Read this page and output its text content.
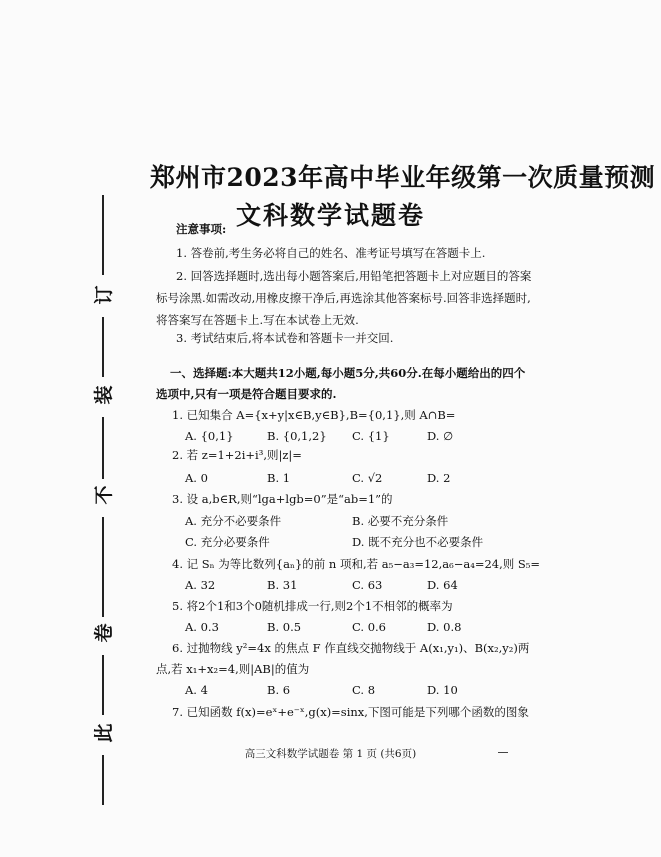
订
装
不
卷
此
郑州市2023年高中毕业年级第一次质量预测
文科数学试题卷
注意事项:
1. 答卷前,考生务必将自己的姓名、准考证号填写在答题卡上.
2. 回答选择题时,选出每小题答案后,用铅笔把答题卡上对应题目的答案
标号涂黑.如需改动,用橡皮擦干净后,再选涂其他答案标号.回答非选择题时,
将答案写在答题卡上.写在本试卷上无效.
3. 考试结束后,将本试卷和答题卡一并交回.
一、选择题:本大题共12小题,每小题5分,共60分.在每小题给出的四个
选项中,只有一项是符合题目要求的.
1. 已知集合 A={x+y|x∈B,y∈B},B={0,1},则 A∩B=
A. {0,1}	B. {0,1,2} C. {1}	D. ∅
2. 若 z=1+2i+i³,则|z|=
A. 0	B. 1	C. √2	D. 2
3. 设 a,b∈R,则“lga+lgb=0”是“ab=1”的
A. 充分不必要条件	B. 必要不充分条件
C. 充分必要条件	D. 既不充分也不必要条件
4. 记 Sₙ 为等比数列{aₙ}的前 n 项和,若 a₅−a₃=12,a₆−a₄=24,则 S₅=
A. 32	B. 31	C. 63	D. 64
5. 将2个1和3个0随机排成一行,则2个1不相邻的概率为
A. 0.3	B. 0.5	C. 0.6	D. 0.8
6. 过抛物线 y²=4x 的焦点 F 作直线交抛物线于 A(x₁,y₁)、B(x₂,y₂)两
点,若 x₁+x₂=4,则|AB|的值为
A. 4	B. 6	C. 8	D. 10
7. 已知函数 f(x)=eˣ+e⁻ˣ,g(x)=sinx,下图可能是下列哪个函数的图象
高三文科数学试题卷 第 1 页 (共6页)
